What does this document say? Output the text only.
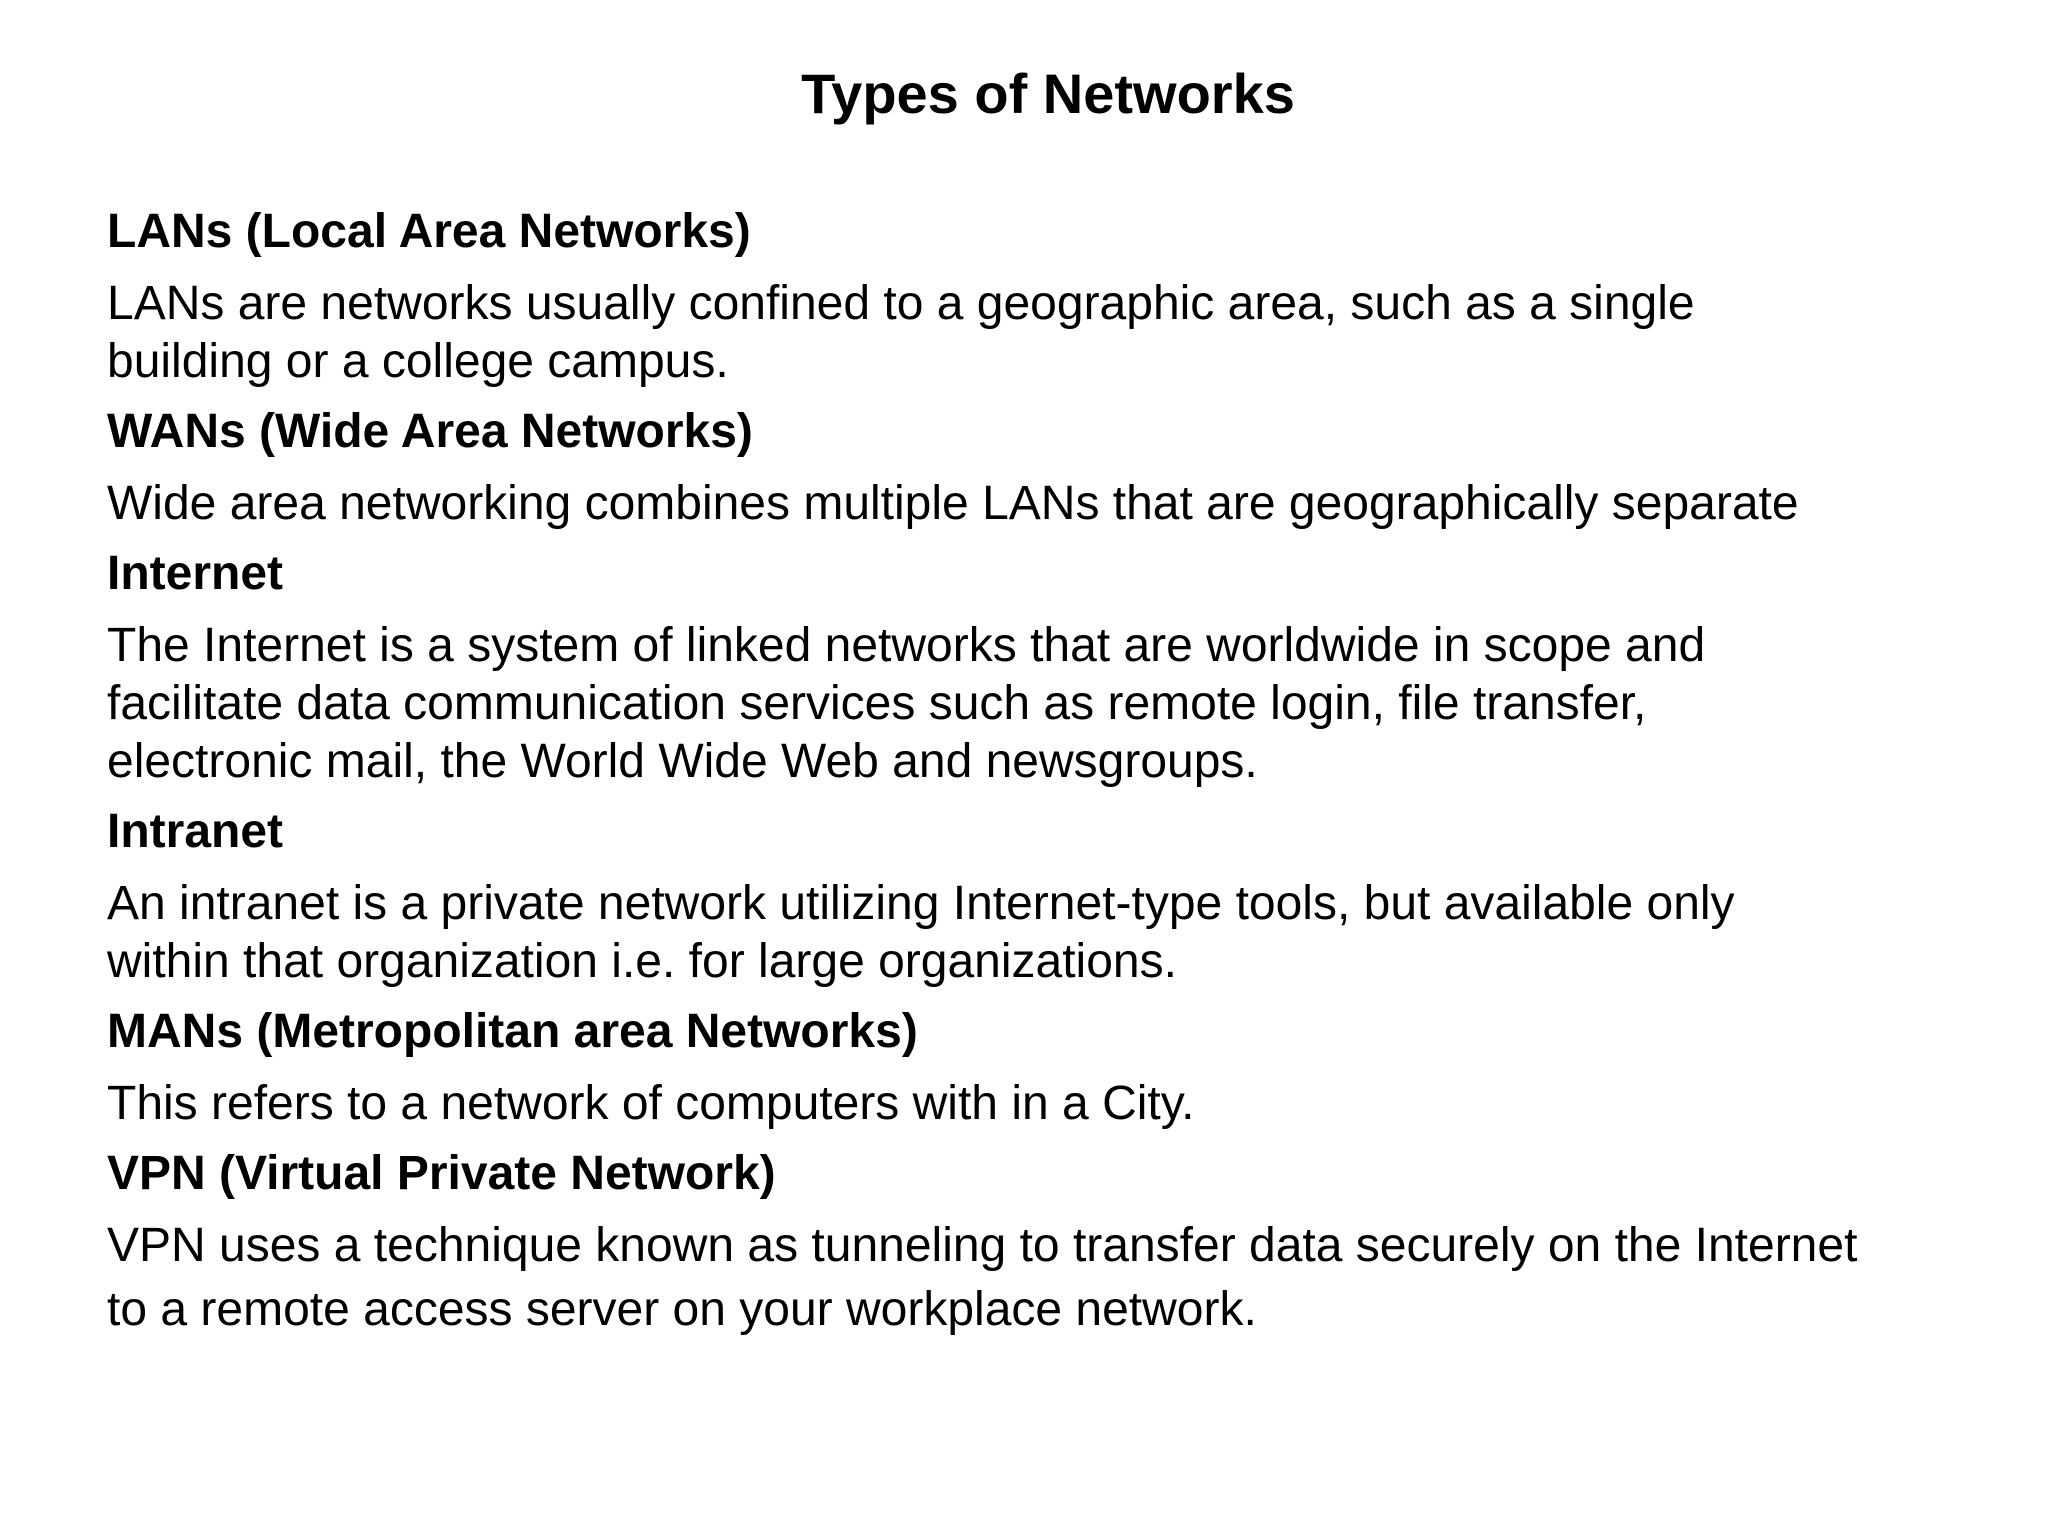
Types of Networks
LANs (Local Area Networks)
LANs are networks usually confined to a geographic area, such as a single
building or a college campus.
WANs (Wide Area Networks)
Wide area networking combines multiple LANs that are geographically separate
Internet
The Internet is a system of linked networks that are worldwide in scope and
facilitate data communication services such as remote login, file transfer,
electronic mail, the World Wide Web and newsgroups.
Intranet
An intranet is a private network utilizing Internet-type tools, but available only
within that organization i.e. for large organizations.
MANs (Metropolitan area Networks)
This refers to a network of computers with in a City.
VPN (Virtual Private Network)
VPN uses a technique known as tunneling to transfer data securely on the Internet
to a remote access server on your workplace network.
